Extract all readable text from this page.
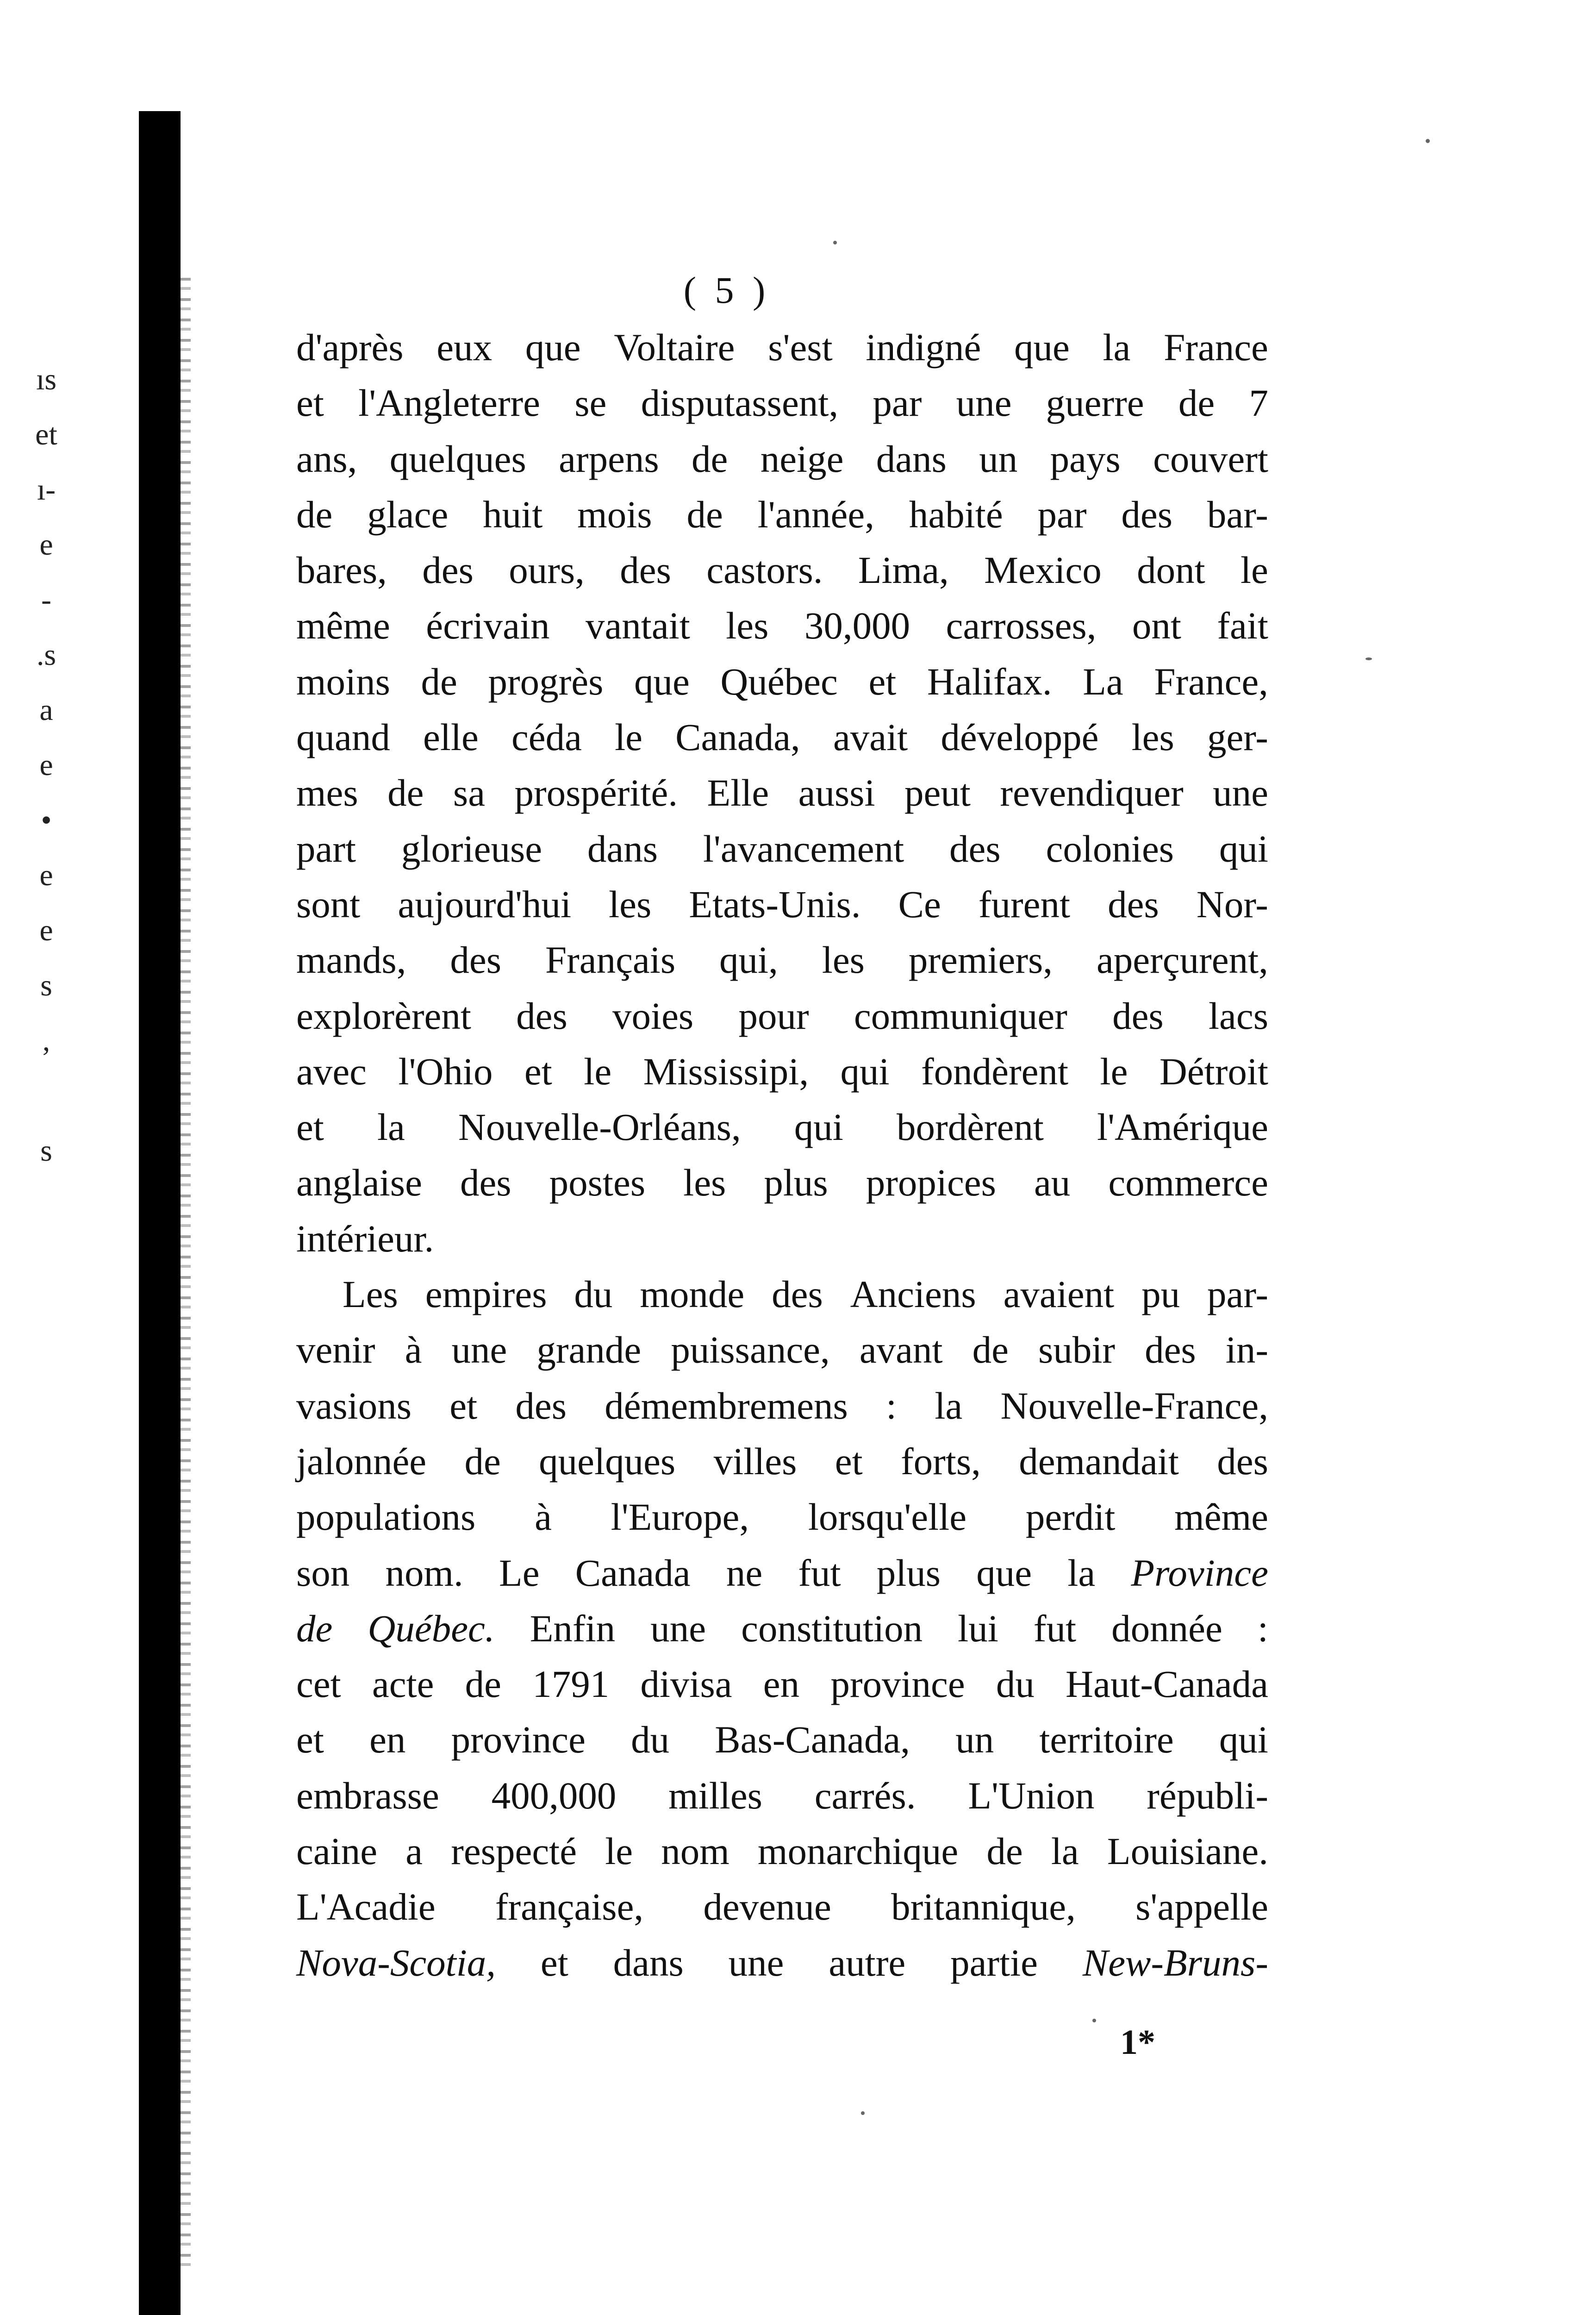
ıs
et
ı-
e
-
.s
a
e
•
e
e
s
,
s
( 5 )
d'après eux que Voltaire s'est indigné que la France
et l'Angleterre se disputassent, par une guerre de 7
ans, quelques arpens de neige dans un pays couvert
de glace huit mois de l'année, habité par des bar-
bares, des ours, des castors. Lima, Mexico dont le
même écrivain vantait les 30,000 carrosses, ont fait
moins de progrès que Québec et Halifax. La France,
quand elle céda le Canada, avait développé les ger-
mes de sa prospérité. Elle aussi peut revendiquer une
part glorieuse dans l'avancement des colonies qui
sont aujourd'hui les Etats-Unis. Ce furent des Nor-
mands, des Français qui, les premiers, aperçurent,
explorèrent des voies pour communiquer des lacs
avec l'Ohio et le Mississipi, qui fondèrent le Détroit
et la Nouvelle-Orléans, qui bordèrent l'Amérique
anglaise des postes les plus propices au commerce
intérieur.
Les empires du monde des Anciens avaient pu par-
venir à une grande puissance, avant de subir des in-
vasions et des démembremens : la Nouvelle-France,
jalonnée de quelques villes et forts, demandait des
populations à l'Europe, lorsqu'elle perdit même
son nom. Le Canada ne fut plus que la Province
de Québec. Enfin une constitution lui fut donnée :
cet acte de 1791 divisa en province du Haut-Canada
et en province du Bas-Canada, un territoire qui
embrasse 400,000 milles carrés. L'Union républi-
caine a respecté le nom monarchique de la Louisiane.
L'Acadie française, devenue britannique, s'appelle
Nova-Scotia, et dans une autre partie New-Bruns-
1*
